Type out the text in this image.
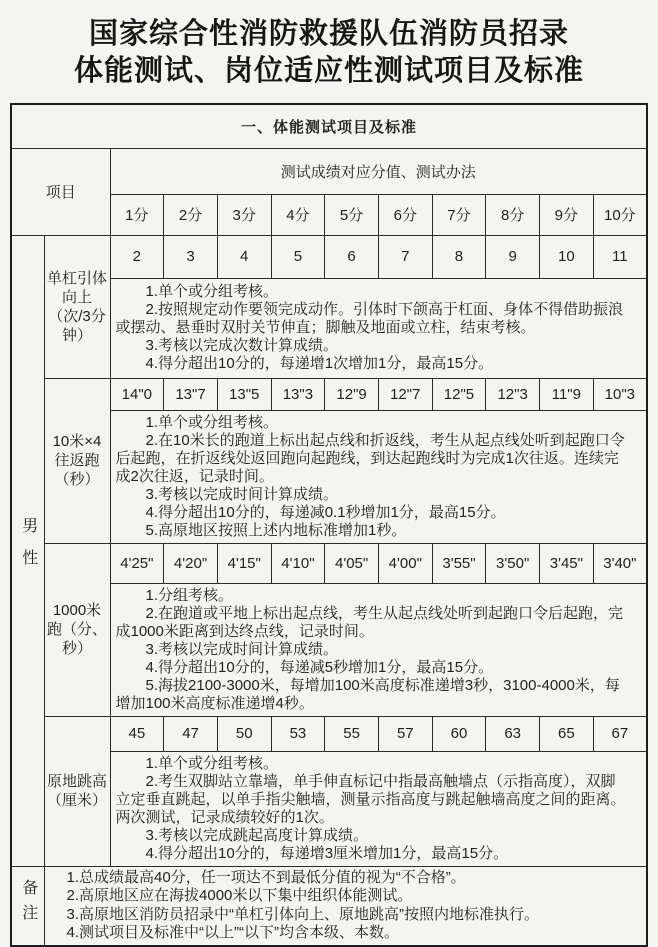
国家综合性消防救援队伍消防员招录
体能测试、岗位适应性测试项目及标准
一、体能测试项目及标准											
项目		测试成绩对应分值、测试办法									
		1分	2分	3分	4分	5分	6分	7分	8分	9分	10分
男性	单杠引体向上（次/3分钟）	2	3	4	5	6	7	8	9	10	11

		1.单个或分组考核。

2.按照规定动作要领完成动作。引体时下颌高于杠面、身体不得借助振浪或摆动、悬垂时双肘关节伸直；脚触及地面或立柱，结束考核。

3.考核以完成次数计算成绩。

4.得分超出10分的，每递增1次增加1分，最高15分。									

	10米×4往返跑（秒）	14"0	13"7	13"5	13"3	12"9	12"7	12"5	12"3	11"9	10"3

		1.单个或分组考核。

2.在10米长的跑道上标出起点线和折返线，考生从起点线处听到起跑口令后起跑，在折返线处返回跑向起跑线，到达起跑线时为完成1次往返。连续完成2次往返，记录时间。

3.考核以完成时间计算成绩。

4.得分超出10分的，每递减0.1秒增加1分，最高15分。

5.高原地区按照上述内地标准增加1秒。									

	1000米跑（分、秒）	4'25"	4'20"	4'15"	4'10"	4'05"	4'00"	3'55"	3'50"	3'45"	3'40"

		1.分组考核。

2.在跑道或平地上标出起点线，考生从起点线处听到起跑口令后起跑，完成1000米距离到达终点线，记录时间。

3.考核以完成时间计算成绩。

4.得分超出10分的，每递减5秒增加1分，最高15分。

5.海拔2100-3000米，每增加100米高度标准递增3秒，3100-4000米，每增加100米高度标准递增4秒。									

	原地跳高（厘米）	45	47	50	53	55	57	60	63	65	67

		1.单个或分组考核。

2.考生双脚站立靠墙，单手伸直标记中指最高触墙点（示指高度），双脚立定垂直跳起，以单手指尖触墙，测量示指高度与跳起触墙高度之间的距离。两次测试，记录成绩较好的1次。

3.考核以完成跳起高度计算成绩。

4.得分超出10分的，每递增3厘米增加1分，最高15分。									

备注	1.总成绩最高40分，任一项达不到最低分值的视为“不合格”。

2.高原地区应在海拔4000米以下集中组织体能测试。

3.高原地区消防员招录中“单杠引体向上、原地跳高”按照内地标准执行。

4.测试项目及标准中“以上”“以下”均含本级、本数。										
